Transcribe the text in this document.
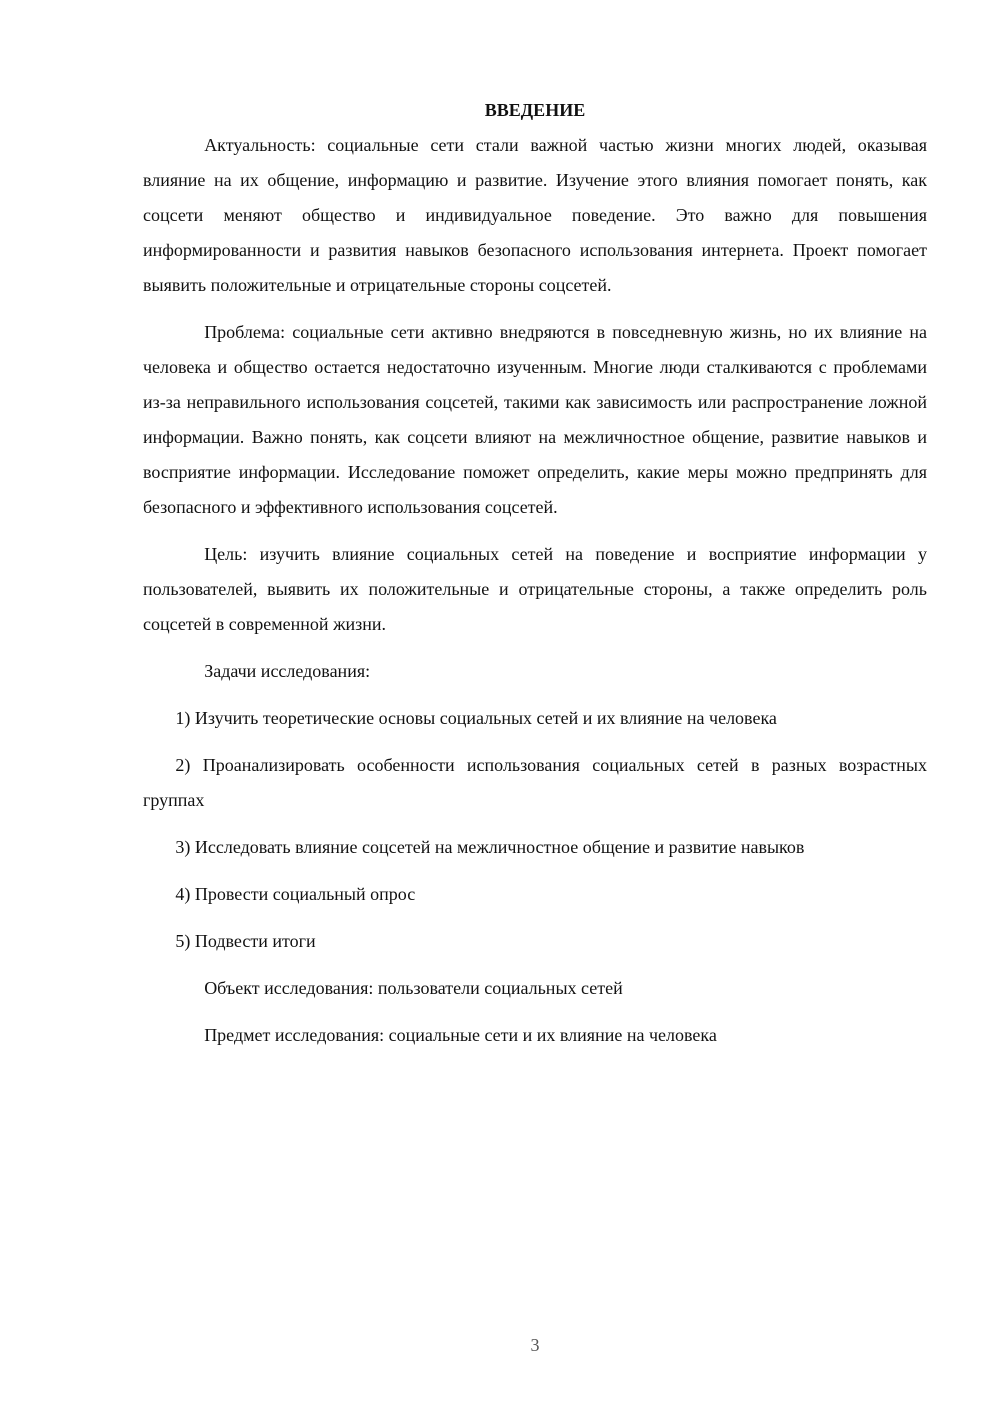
ВВЕДЕНИЕ

Актуальность: социальные сети стали важной частью жизни многих людей, оказывая влияние на их общение, информацию и развитие. Изучение этого влияния помогает понять, как соцсети меняют общество и индивидуальное поведение. Это важно для повышения информированности и развития навыков безопасного использования интернета. Проект помогает выявить положительные и отрицательные стороны соцсетей.

Проблема: социальные сети активно внедряются в повседневную жизнь, но их влияние на человека и общество остается недостаточно изученным. Многие люди сталкиваются с проблемами из-за неправильного использования соцсетей, такими как зависимость или распространение ложной информации. Важно понять, как соцсети влияют на межличностное общение, развитие навыков и восприятие информации. Исследование поможет определить, какие меры можно предпринять для безопасного и эффективного использования соцсетей.

Цель: изучить влияние социальных сетей на поведение и восприятие информации у пользователей, выявить их положительные и отрицательные стороны, а также определить роль соцсетей в современной жизни.

Задачи исследования:

1) Изучить теоретические основы социальных сетей и их влияние на человека

2) Проанализировать особенности использования социальных сетей в разных возрастных группах

3) Исследовать влияние соцсетей на межличностное общение и развитие навыков

4) Провести социальный опрос

5) Подвести итоги

Объект исследования: пользователи социальных сетей

Предмет исследования: социальные сети и их влияние на человека

3
